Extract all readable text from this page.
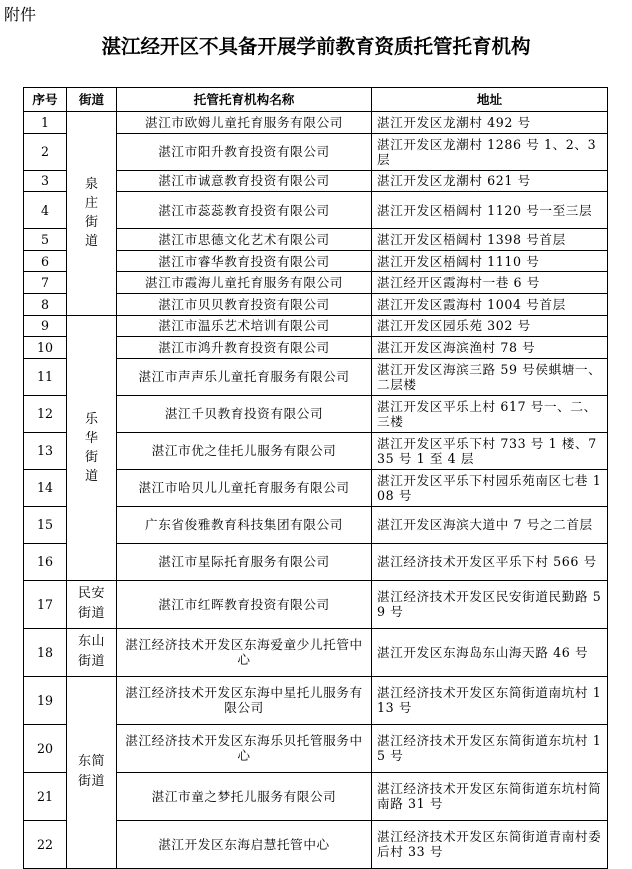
附件
湛江经开区不具备开展学前教育资质托管托育机构
序号	街道	托管托育机构名称	地址
1	泉庄街道	湛江市欧姆儿童托育服务有限公司	湛江开发区龙潮村 492 号
2		湛江市阳升教育投资有限公司	湛江开发区龙潮村 1286 号 1、2、3 层
3		湛江市诚意教育投资有限公司	湛江开发区龙潮村 621 号
4		湛江市蕊蕊教育投资有限公司	湛江开发区梧阔村 1120 号一至三层
5		湛江市思德文化艺术有限公司	湛江开发区梧阔村 1398 号首层
6		湛江市睿华教育投资有限公司	湛江开发区梧阔村 1110 号
7		湛江市霞海儿童托育服务有限公司	湛江经开区霞海村一巷 6 号
8		湛江市贝贝教育投资有限公司	湛江开发区霞海村 1004 号首层
9	乐华街道	湛江市温乐艺术培训有限公司	湛江开发区园乐苑 302 号
10		湛江市鸿升教育投资有限公司	湛江开发区海滨渔村 78 号
11		湛江市声声乐儿童托育服务有限公司	湛江开发区海滨三路 59 号侯蜞塘一、二层楼
12		湛江千贝教育投资有限公司	湛江开发区平乐上村 617 号一、二、三楼
13		湛江市优之佳托儿服务有限公司	湛江开发区平乐下村 733 号 1 楼、735 号 1 至 4 层
14		湛江市哈贝儿儿童托育服务有限公司	湛江开发区平乐下村园乐苑南区七巷 108 号
15		广东省俊雅教育科技集团有限公司	湛江开发区海滨大道中 7 号之二首层
16		湛江市星际托育服务有限公司	湛江经济技术开发区平乐下村 566 号
17	民安街道	湛江市红晖教育投资有限公司	湛江经济技术开发区民安街道民勤路 59 号
18	东山街道	湛江经济技术开发区东海爱童少儿托管中心	湛江开发区东海岛东山海天路 46 号
19	东简街道	湛江经济技术开发区东海中星托儿服务有限公司	湛江经济技术开发区东简街道南坑村 113 号
20		湛江经济技术开发区东海乐贝托管服务中心	湛江经济技术开发区东简街道东坑村 15 号
21		湛江市童之梦托儿服务有限公司	湛江经济技术开发区东简街道东坑村简南路 31 号
22		湛江开发区东海启慧托管中心	湛江经济技术开发区东简街道青南村委后村 33 号
